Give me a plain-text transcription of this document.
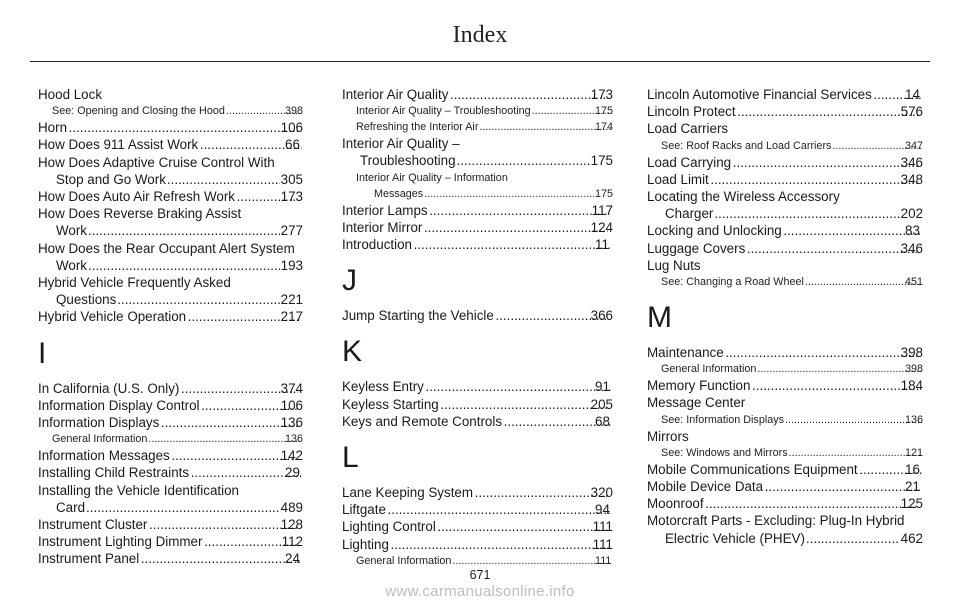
Index
Hood Lock
See: Opening and Closing the Hood .....	398
Horn .....	106
How Does 911 Assist Work .....	66
How Does Adaptive Cruise Control With
Stop and Go Work .....	305
How Does Auto Air Refresh Work .....	173
How Does Reverse Braking Assist
Work .....	277
How Does the Rear Occupant Alert System
Work .....	193
Hybrid Vehicle Frequently Asked
Questions .....	221
Hybrid Vehicle Operation .....	217
I
In California (U.S. Only) .....	374
Information Display Control .....	106
Information Displays .....	136
General Information .....	136
Information Messages .....	142
Installing Child Restraints .....	29
Installing the Vehicle Identification
Card .....	489
Instrument Cluster .....	128
Instrument Lighting Dimmer .....	112
Instrument Panel .....	24
Interior Air Quality .....	173
Interior Air Quality – Troubleshooting .....	175
Refreshing the Interior Air .....	174
Interior Air Quality –
Troubleshooting .....	175
Interior Air Quality – Information
Messages .....	175
Interior Lamps .....	117
Interior Mirror .....	124
Introduction .....	11
J
Jump Starting the Vehicle .....	366
K
Keyless Entry .....	91
Keyless Starting .....	205
Keys and Remote Controls .....	68
L
Lane Keeping System .....	320
Liftgate .....	94
Lighting Control .....	111
Lighting .....	111
General Information .....	111
Lincoln Automotive Financial Services ..... 14
Lincoln Protect .....	576
Load Carriers
See: Roof Racks and Load Carriers .....	347
Load Carrying .....	346
Load Limit .....	348
Locating the Wireless Accessory
Charger .....	202
Locking and Unlocking .....	83
Luggage Covers .....	346
Lug Nuts
See: Changing a Road Wheel .....	451
M
Maintenance .....	398
General Information .....	398
Memory Function .....	184
Message Center
See: Information Displays .....	136
Mirrors
See: Windows and Mirrors .....	121
Mobile Communications Equipment .....	16
Mobile Device Data .....	21
Moonroof .....	125
Motorcraft Parts - Excluding: Plug-In Hybrid
Electric Vehicle (PHEV) .....	462
671
www.carmanualsonline.info
